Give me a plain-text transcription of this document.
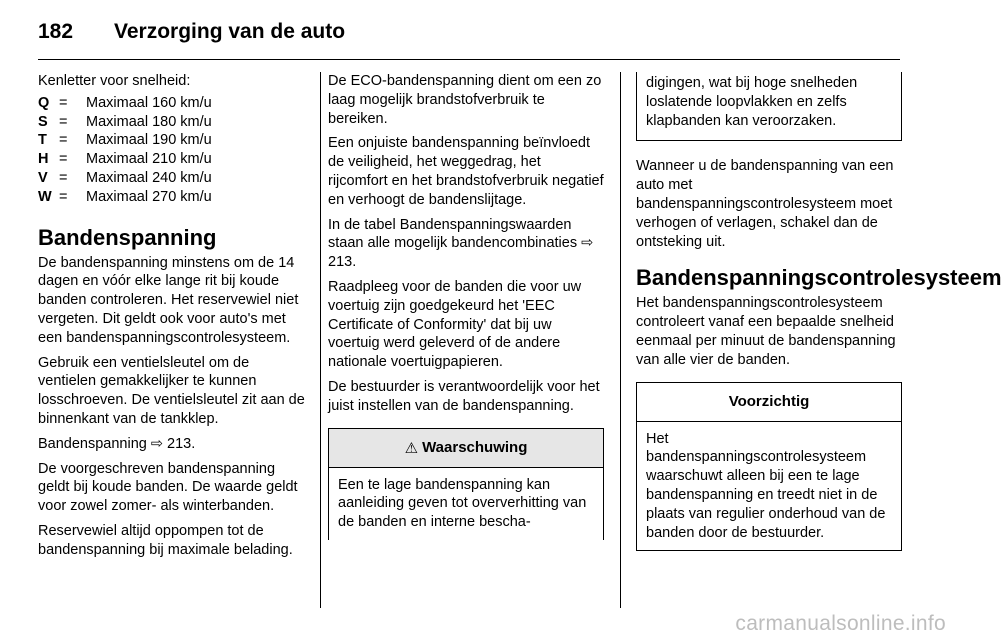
182 Verzorging van de auto

Kenletter voor snelheid:

Q =	Maximaal 160 km/u
S =	Maximaal 180 km/u
T =	Maximaal 190 km/u
H =	Maximaal 210 km/u
V =	Maximaal 240 km/u
W =	Maximaal 270 km/u
Bandenspanning

De bandenspanning minstens om de 14 dagen en vóór elke lange rit bij koude banden controleren. Het reservewiel niet vergeten. Dit geldt ook voor auto's met een bandenspanningscontrolesysteem.

Gebruik een ventielsleutel om de ventielen gemakkelijker te kunnen losschroeven. De ventielsleutel zit aan de binnenkant van de tankklep.

Bandenspanning ⇨ 213.

De voorgeschreven bandenspanning geldt bij koude banden. De waarde geldt voor zowel zomer- als winterbanden.

Reservewiel altijd oppompen tot de bandenspanning bij maximale belading.

De ECO-bandenspanning dient om een zo laag mogelijk brandstofverbruik te bereiken.

Een onjuiste bandenspanning beïnvloedt de veiligheid, het weggedrag, het rijcomfort en het brandstofverbruik negatief en verhoogt de bandenslijtage.

In de tabel Bandenspanningswaarden staan alle mogelijk bandencombinaties ⇨ 213.

Raadpleeg voor de banden die voor uw voertuig zijn goedgekeurd het 'EEC Certificate of Conformity' dat bij uw voertuig werd geleverd of de andere nationale voertuigpapieren.

De bestuurder is verantwoordelijk voor het juist instellen van de bandenspanning.

⚠ Waarschuwing

Een te lage bandenspanning kan aanleiding geven tot oververhitting van de banden en interne bescha-

digingen, wat bij hoge snelheden loslatende loopvlakken en zelfs klapbanden kan veroorzaken.

Wanneer u de bandenspanning van een auto met bandenspanningscontrolesysteem moet verhogen of verlagen, schakel dan de ontsteking uit.

Bandenspanningscontrolesysteem

Het bandenspanningscontrolesysteem controleert vanaf een bepaalde snelheid eenmaal per minuut de bandenspanning van alle vier de banden.

Voorzichtig

Het bandenspanningscontrolesysteem waarschuwt alleen bij een te lage bandenspanning en treedt niet in de plaats van regulier onderhoud van de banden door de bestuurder.

carmanualsonline.info
